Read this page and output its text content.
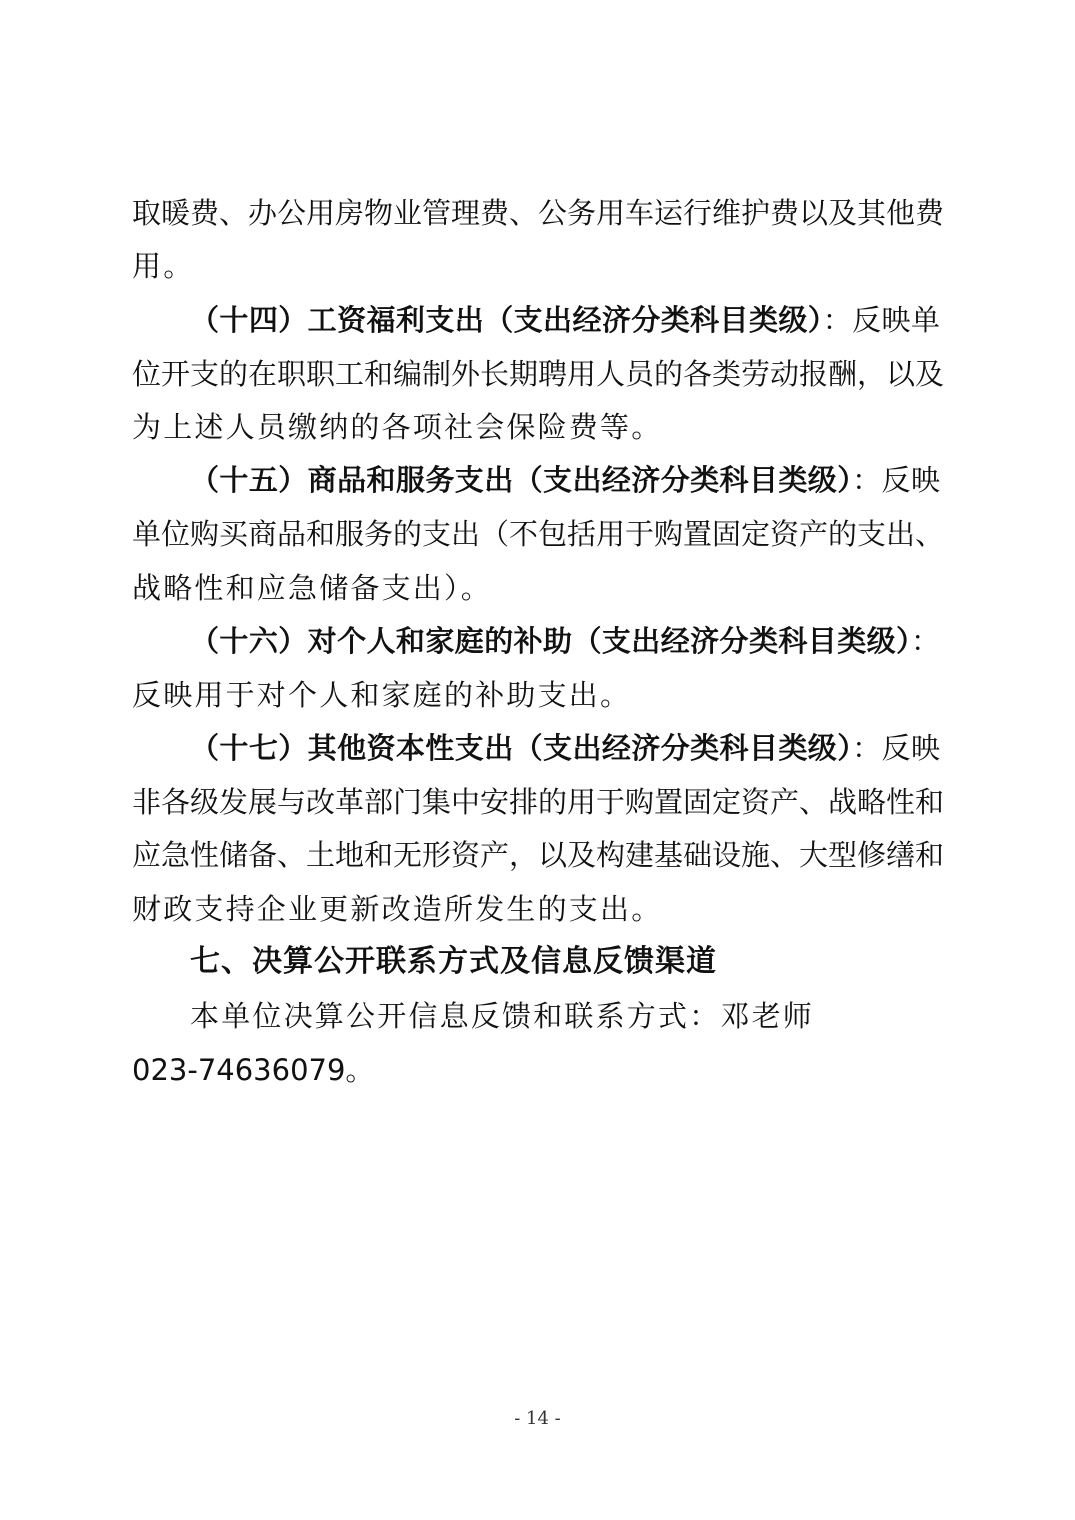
取暖费、办公用房物业管理费、公务用车运行维护费以及其他费
用。
（十四）工资福利支出（支出经济分类科目类级）：反映单
位开支的在职职工和编制外长期聘用人员的各类劳动报酬，以及
为上述人员缴纳的各项社会保险费等。
（十五）商品和服务支出（支出经济分类科目类级）：反映
单位购买商品和服务的支出（不包括用于购置固定资产的支出、
战略性和应急储备支出）。
（十六）对个人和家庭的补助（支出经济分类科目类级）：
反映用于对个人和家庭的补助支出。
（十七）其他资本性支出（支出经济分类科目类级）：反映
非各级发展与改革部门集中安排的用于购置固定资产、战略性和
应急性储备、土地和无形资产，以及构建基础设施、大型修缮和
财政支持企业更新改造所发生的支出。
七、决算公开联系方式及信息反馈渠道
本单位决算公开信息反馈和联系方式：邓老师
023-74636079。
- 14 -
